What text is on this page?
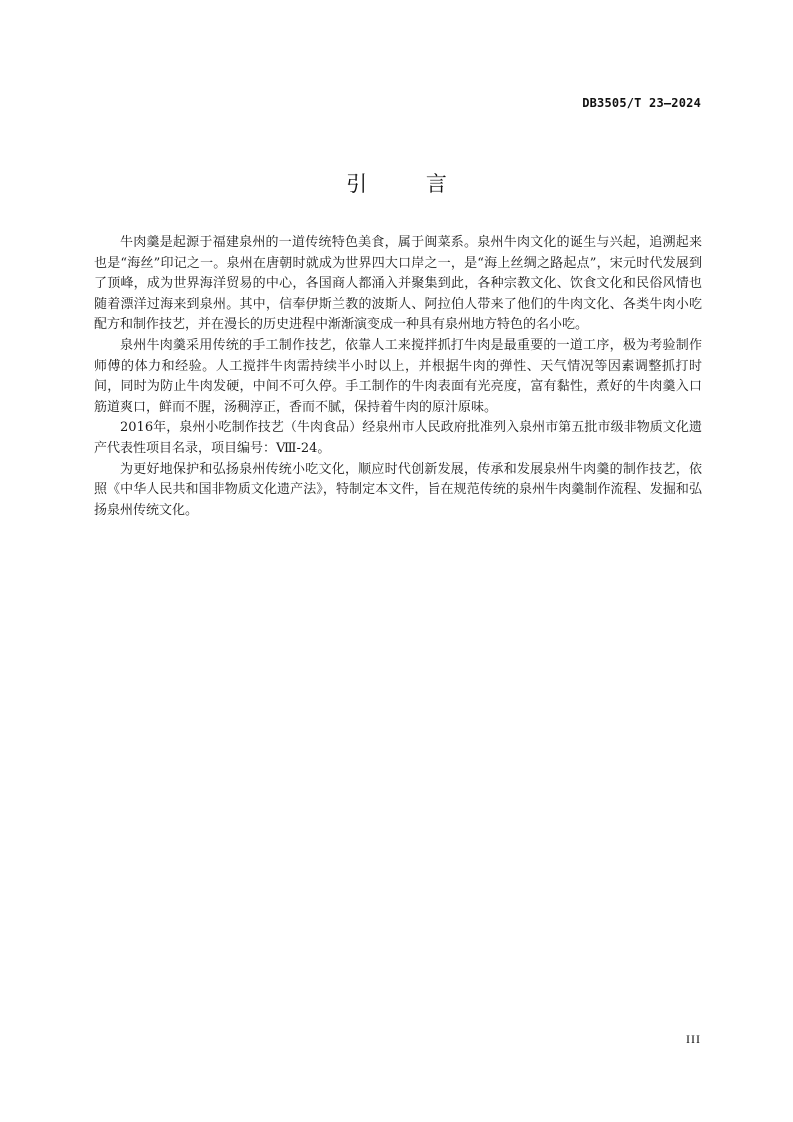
DB3505/T 23—2024
引 言

牛肉羹是起源于福建泉州的一道传统特色美食，属于闽菜系。泉州牛肉文化的诞生与兴起，追溯起来也是“海丝”印记之一。泉州在唐朝时就成为世界四大口岸之一，是“海上丝绸之路起点”，宋元时代发展到了顶峰，成为世界海洋贸易的中心，各国商人都涌入并聚集到此，各种宗教文化、饮食文化和民俗风情也随着漂洋过海来到泉州。其中，信奉伊斯兰教的波斯人、阿拉伯人带来了他们的牛肉文化、各类牛肉小吃配方和制作技艺，并在漫长的历史进程中渐渐演变成一种具有泉州地方特色的名小吃。

泉州牛肉羹采用传统的手工制作技艺，依靠人工来搅拌抓打牛肉是最重要的一道工序，极为考验制作师傅的体力和经验。人工搅拌牛肉需持续半小时以上，并根据牛肉的弹性、天气情况等因素调整抓打时间，同时为防止牛肉发硬，中间不可久停。手工制作的牛肉表面有光亮度，富有黏性，煮好的牛肉羹入口筋道爽口，鲜而不腥，汤稠淳正，香而不腻，保持着牛肉的原汁原味。

2016年，泉州小吃制作技艺（牛肉食品）经泉州市人民政府批准列入泉州市第五批市级非物质文化遗产代表性项目名录，项目编号：Ⅷ-24。

为更好地保护和弘扬泉州传统小吃文化，顺应时代创新发展，传承和发展泉州牛肉羹的制作技艺，依照《中华人民共和国非物质文化遗产法》，特制定本文件，旨在规范传统的泉州牛肉羹制作流程、发掘和弘扬泉州传统文化。

III
